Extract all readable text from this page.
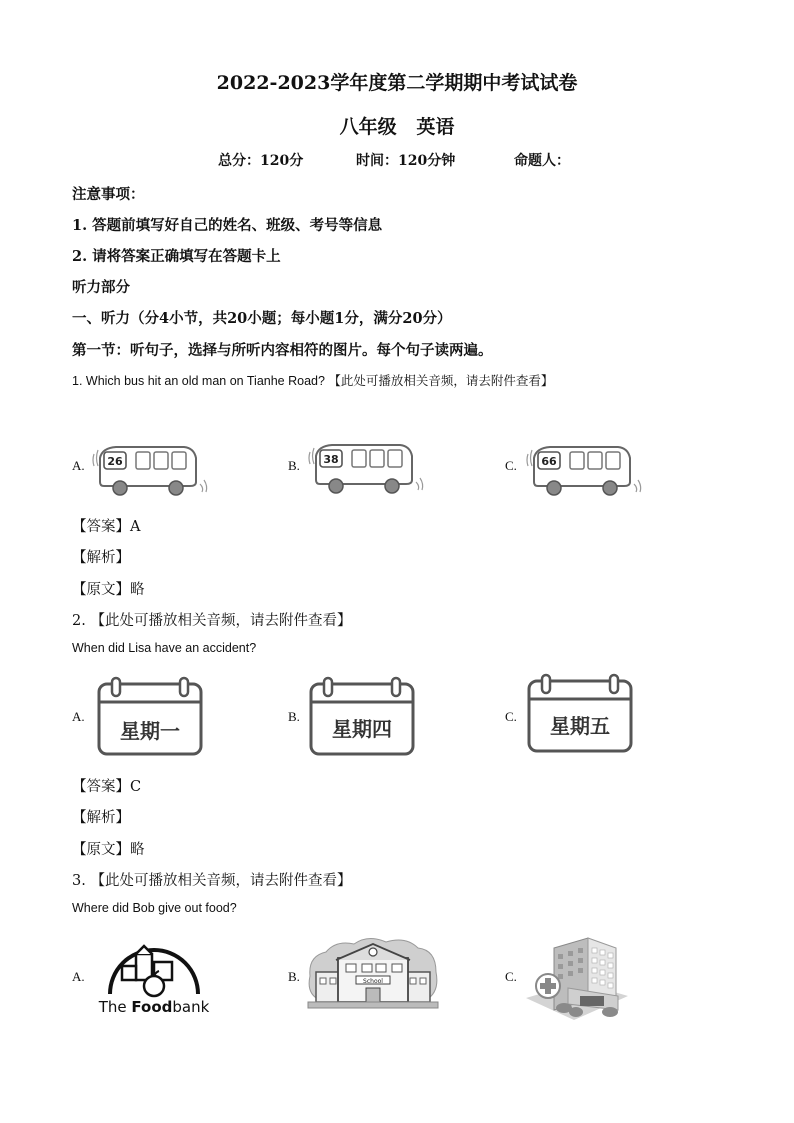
2022-2023学年度第二学期期中考试试卷
八年级   英语
总分：120分	时间：120分钟	命题人：
注意事项：
1. 答题前填写好自己的姓名、班级、考号等信息
2. 请将答案正确填写在答题卡上
听力部分
一、听力（分4小节，共20小题；每小题1分，满分20分）
第一节：听句子，选择与所听内容相符的图片。每个句子读两遍。
1. Which bus hit an old man on Tianhe Road? 【此处可播放相关音频，请去附件查看】
A.	B.	C.
26	38	66
【答案】A
【解析】
【原文】略
2. 【此处可播放相关音频，请去附件查看】
When did Lisa have an accident?
A.	B.	C.
星期一	星期四	星期五
【答案】C
【解析】
【原文】略
3. 【此处可播放相关音频，请去附件查看】
Where did Bob give out food?
A.	B.	C.
The Foodbank
School
